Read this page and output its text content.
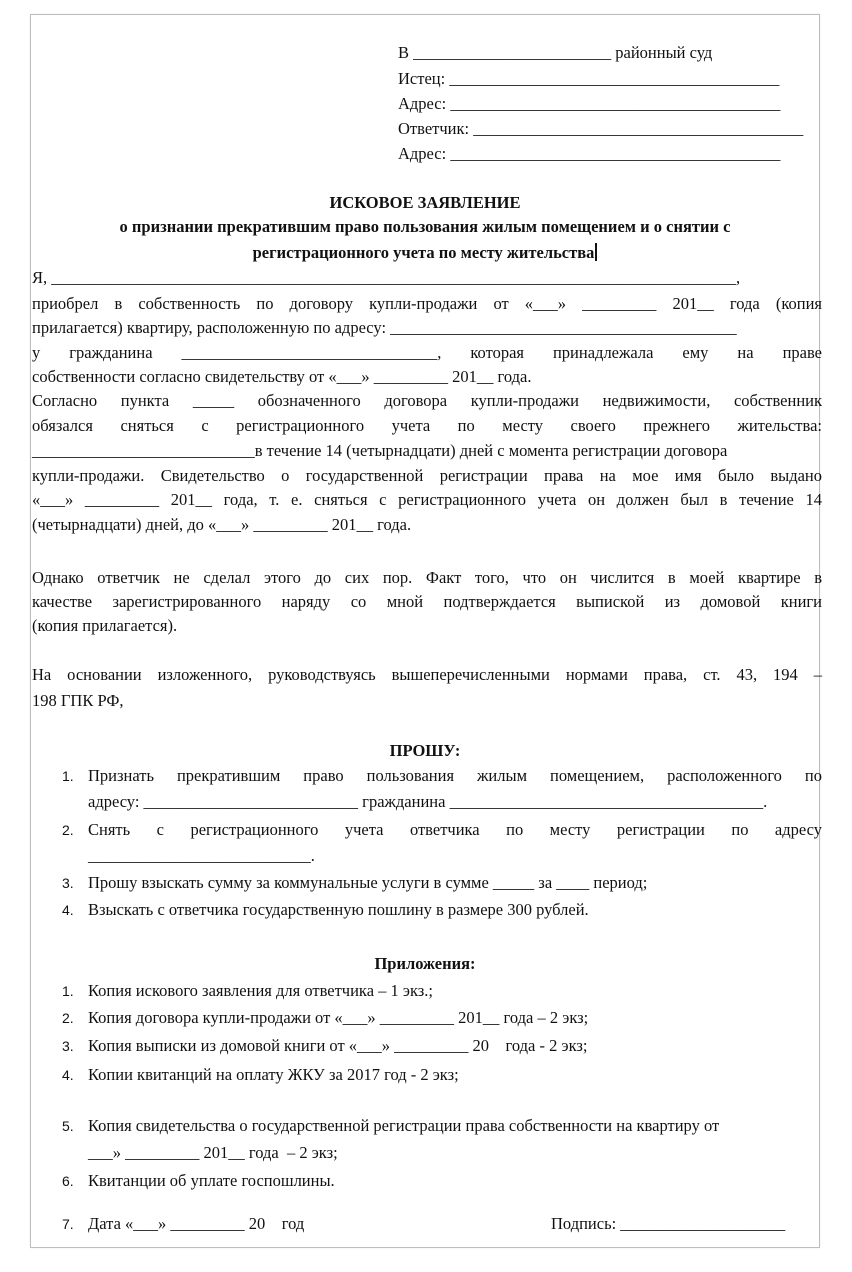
В ________________________ районный суд
Истец: ________________________________________
Адрес: ________________________________________
Ответчик: ________________________________________
Адрес: ________________________________________
ИСКОВОЕ ЗАЯВЛЕНИЕ
о признании прекратившим право пользования жилым помещением и о снятии с
регистрационного учета по месту жительства
Я, ___________________________________________________________________________________,
приобрел в собственность по договору купли-продажи от «___» _________ 201__ года (копия
прилагается) квартиру, расположенную по адресу: __________________________________________
у гражданина _______________________________, которая принадлежала ему на праве
собственности согласно свидетельству от «___» _________ 201__ года.
Согласно пункта _____ обозначенного договора купли-продажи недвижимости, собственник
обязался сняться с регистрационного учета по месту своего прежнего жительства:
___________________________в течение 14 (четырнадцати) дней с момента регистрации договора
купли-продажи. Свидетельство о государственной регистрации права на мое имя было выдано
«___» _________ 201__ года, т. е. сняться с регистрационного учета он должен был в течение 14
(четырнадцати) дней, до «___» _________ 201__ года.
Однако ответчик не сделал этого до сих пор. Факт того, что он числится в моей квартире в
качестве зарегистрированного наряду со мной подтверждается выпиской из домовой книги
(копия прилагается).
На основании изложенного, руководствуясь вышеперечисленными нормами права, ст. 43, 194 –
198 ГПК РФ,
ПРОШУ:
1. Признать прекратившим право пользования жилым помещением, расположенного по
адресу: __________________________ гражданина ______________________________________.
2. Снять с регистрационного учета ответчика по месту регистрации по адресу
___________________________.
3. Прошу взыскать сумму за коммунальные услуги в сумме _____ за ____ период;
4. Взыскать с ответчика государственную пошлину в размере 300 рублей.
Приложения:
1. Копия искового заявления для ответчика – 1 экз.;
2. Копия договора купли-продажи от «___» _________ 201__ года – 2 экз;
3. Копия выписки из домовой книги от «___» _________ 20    года - 2 экз;
4. Копии квитанций на оплату ЖКУ за 2017 год - 2 экз;
5. Копия свидетельства о государственной регистрации права собственности на квартиру от
___» _________ 201__ года  – 2 экз;
6. Квитанции об уплате госпошлины.
7. Дата «___» _________ 20    год	Подпись: ____________________
